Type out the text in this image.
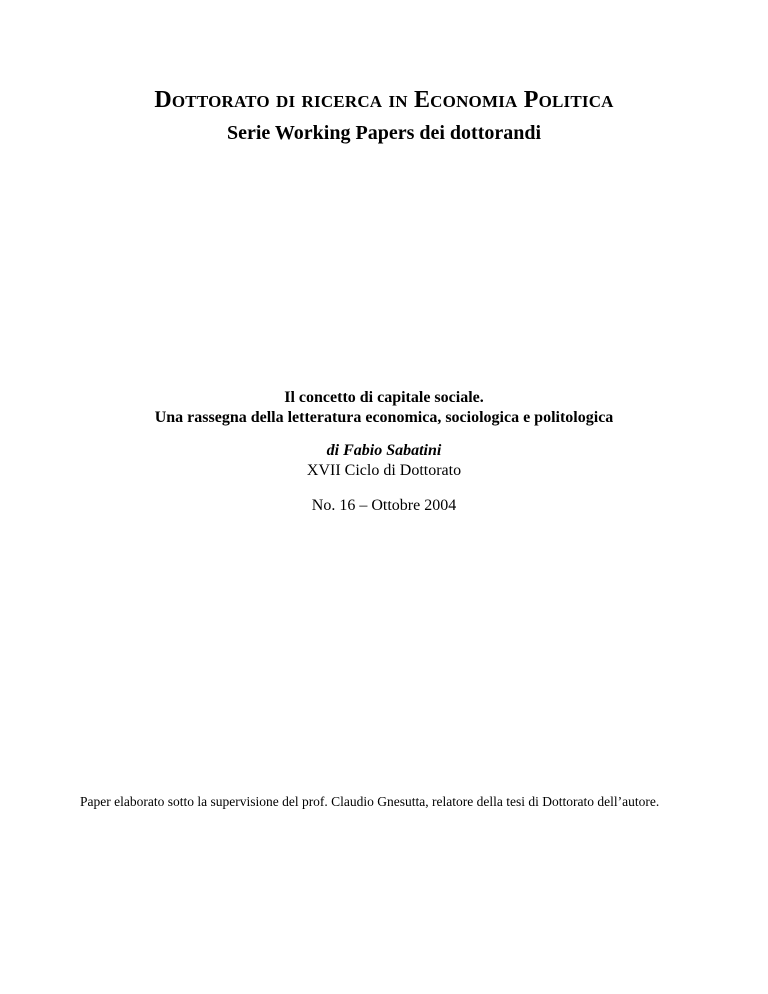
Dottorato di ricerca in Economia Politica
Serie Working Papers dei dottorandi
Il concetto di capitale sociale.
Una rassegna della letteratura economica, sociologica e politologica
di Fabio Sabatini
XVII Ciclo di Dottorato
No. 16 – Ottobre 2004
Paper elaborato sotto la supervisione del prof. Claudio Gnesutta, relatore della tesi di Dottorato dell’autore.
